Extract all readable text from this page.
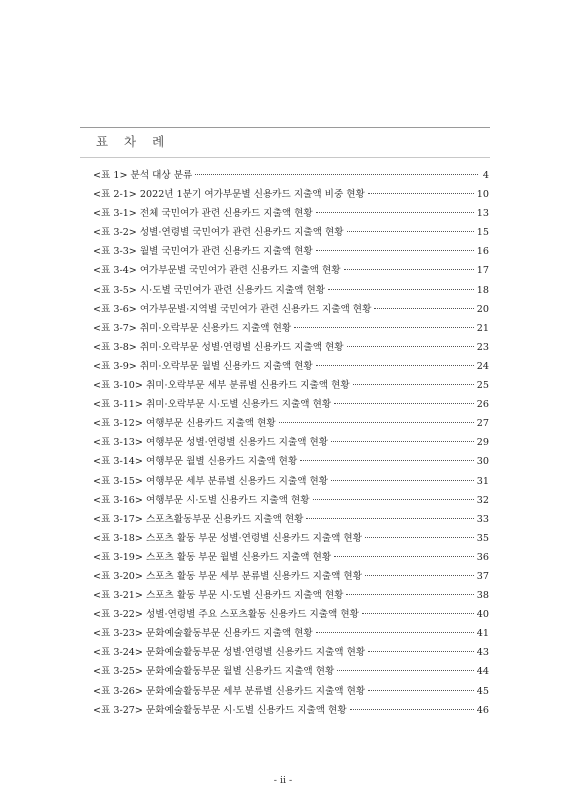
표 차 례
<표 1> 분석 대상 분류	4
<표 2-1> 2022년 1분기 여가부문별 신용카드 지출액 비중 현황	10
<표 3-1> 전체 국민여가 관련 신용카드 지출액 현황	13
<표 3-2> 성별·연령별 국민여가 관련 신용카드 지출액 현황	15
<표 3-3> 월별 국민여가 관련 신용카드 지출액 현황	16
<표 3-4> 여가부문별 국민여가 관련 신용카드 지출액 현황	17
<표 3-5> 시·도별 국민여가 관련 신용카드 지출액 현황	18
<표 3-6> 여가부문별·지역별 국민여가 관련 신용카드 지출액 현황	20
<표 3-7> 취미·오락부문 신용카드 지출액 현황	21
<표 3-8> 취미·오락부문 성별·연령별 신용카드 지출액 현황	23
<표 3-9> 취미·오락부문 월별 신용카드 지출액 현황	24
<표 3-10> 취미·오락부문 세부 분류별 신용카드 지출액 현황	25
<표 3-11> 취미·오락부문 시·도별 신용카드 지출액 현황	26
<표 3-12> 여행부문 신용카드 지출액 현황	27
<표 3-13> 여행부문 성별·연령별 신용카드 지출액 현황	29
<표 3-14> 여행부문 월별 신용카드 지출액 현황	30
<표 3-15> 여행부문 세부 분류별 신용카드 지출액 현황	31
<표 3-16> 여행부문 시·도별 신용카드 지출액 현황	32
<표 3-17> 스포츠활동부문 신용카드 지출액 현황	33
<표 3-18> 스포츠 활동 부문 성별·연령별 신용카드 지출액 현황	35
<표 3-19> 스포츠 활동 부문 월별 신용카드 지출액 현황	36
<표 3-20> 스포츠 활동 부문 세부 분류별 신용카드 지출액 현황	37
<표 3-21> 스포츠 활동 부문 시·도별 신용카드 지출액 현황	38
<표 3-22> 성별·연령별 주요 스포츠활동 신용카드 지출액 현황	40
<표 3-23> 문화예술활동부문 신용카드 지출액 현황	41
<표 3-24> 문화예술활동부문 성별·연령별 신용카드 지출액 현황	43
<표 3-25> 문화예술활동부문 월별 신용카드 지출액 현황	44
<표 3-26> 문화예술활동부문 세부 분류별 신용카드 지출액 현황	45
<표 3-27> 문화예술활동부문 시·도별 신용카드 지출액 현황	46
- ii -
